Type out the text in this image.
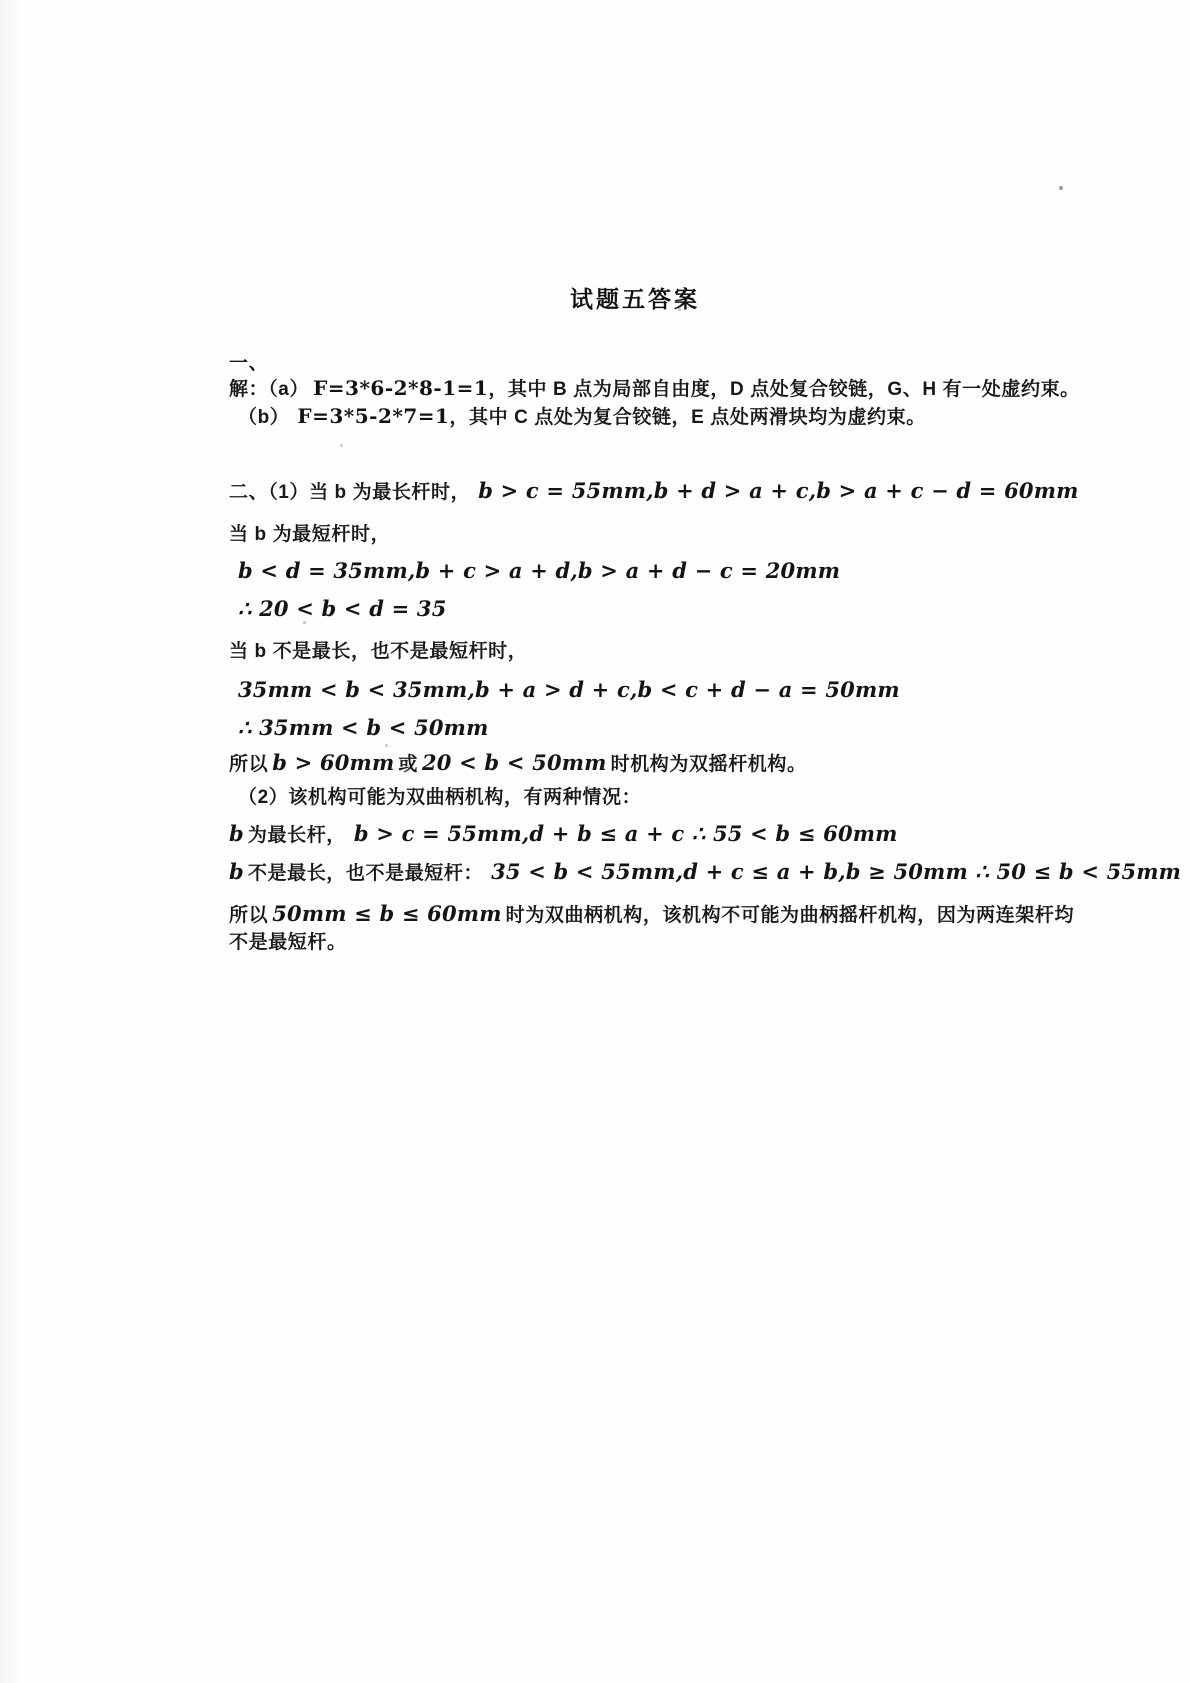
试题五答案
一、
解：（a） F=3*6-2*8-1=1，其中 B 点为局部自由度，D 点处复合铰链，G、H 有一处虚约束。
（b） F=3*5-2*7=1，其中 C 点处为复合铰链，E 点处两滑块均为虚约束。
二、（1）当 b 为最长杆时， b > c = 55mm,b + d > a + c,b > a + c − d = 60mm
当 b 为最短杆时，
b < d = 35mm,b + c > a + d,b > a + d − c = 20mm
∴ 20 < b < d = 35
当 b 不是最长，也不是最短杆时，
35mm < b < 35mm,b + a > d + c,b < c + d − a = 50mm
∴ 35mm < b < 50mm
所以 b > 60mm 或 20 < b < 50mm 时机构为双摇杆机构。
（2）该机构可能为双曲柄机构，有两种情况：
b 为最长杆， b > c = 55mm,d + b ≤ a + c ∴ 55 < b ≤ 60mm
b 不是最长，也不是最短杆： 35 < b < 55mm,d + c ≤ a + b,b ≥ 50mm ∴ 50 ≤ b < 55mm
所以 50mm ≤ b ≤ 60mm 时为双曲柄机构，该机构不可能为曲柄摇杆机构，因为两连架杆均
不是最短杆。
